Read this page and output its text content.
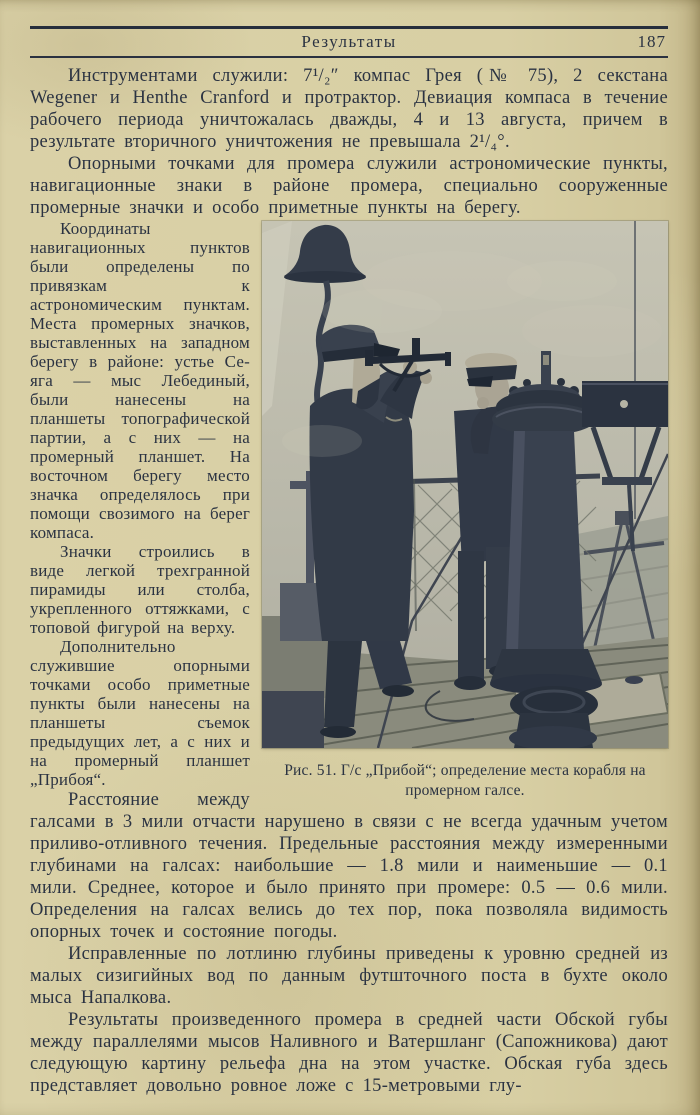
Результаты	187

Инструментами служили: 7¹/₂″ компас Грея (№ 75), 2 секстана Wegener и Henthe Cranford и протрактор. Девиация компаса в течение рабочего периода уничтожалась дважды, 4 и 13 августа, причем в результате вторичного уничтожения не превышала 2¹/₄°.

Опорными точками для промера служили астрономические пункты, навигационные знаки в районе промера, специально сооруженные промерные значки и особо приметные пункты на берегу.

Рис. 51. Г/с „Прибой“; определение места корабля на промерном галсе.

Координаты навигационных пунктов были определены по привязкам к астрономическим пунктам. Места промерных значков, выставленных на западном берегу в районе: устье Се-яга — мыс Лебединый, были нанесены на планшеты топографической партии, а с них — на промерный планшет. На восточном берегу место значка определялось при помощи свозимого на берег компаса.

Значки строились в виде легкой трехгранной пирамиды или столба, укрепленного оттяжками, с топовой фигурой на верху.

Дополнительно служившие опорными точками особо приметные пункты были нанесены на планшеты съемок предыдущих лет, а с них и на промерный планшет „Прибоя“.

Расстояние между галсами в 3 мили отчасти нарушено в связи с не всегда удачным учетом приливо-отливного течения. Предельные расстояния между измеренными глубинами на галсах: наибольшие — 1.8 мили и наименьшие — 0.1 мили. Среднее, которое и было принято при промере: 0.5 — 0.6 мили. Определения на галсах велись до тех пор, пока позволяла видимость опорных точек и состояние погоды.

Исправленные по лотлиню глубины приведены к уровню средней из малых сизигийных вод по данным футшточного поста в бухте около мыса Напалкова.

Результаты произведенного промера в средней части Обской губы между параллелями мысов Наливного и Ватершланг (Сапожникова) дают следующую картину рельефа дна на этом участке. Обская губа здесь представляет довольно ровное ложе с 15-метровыми глу-
